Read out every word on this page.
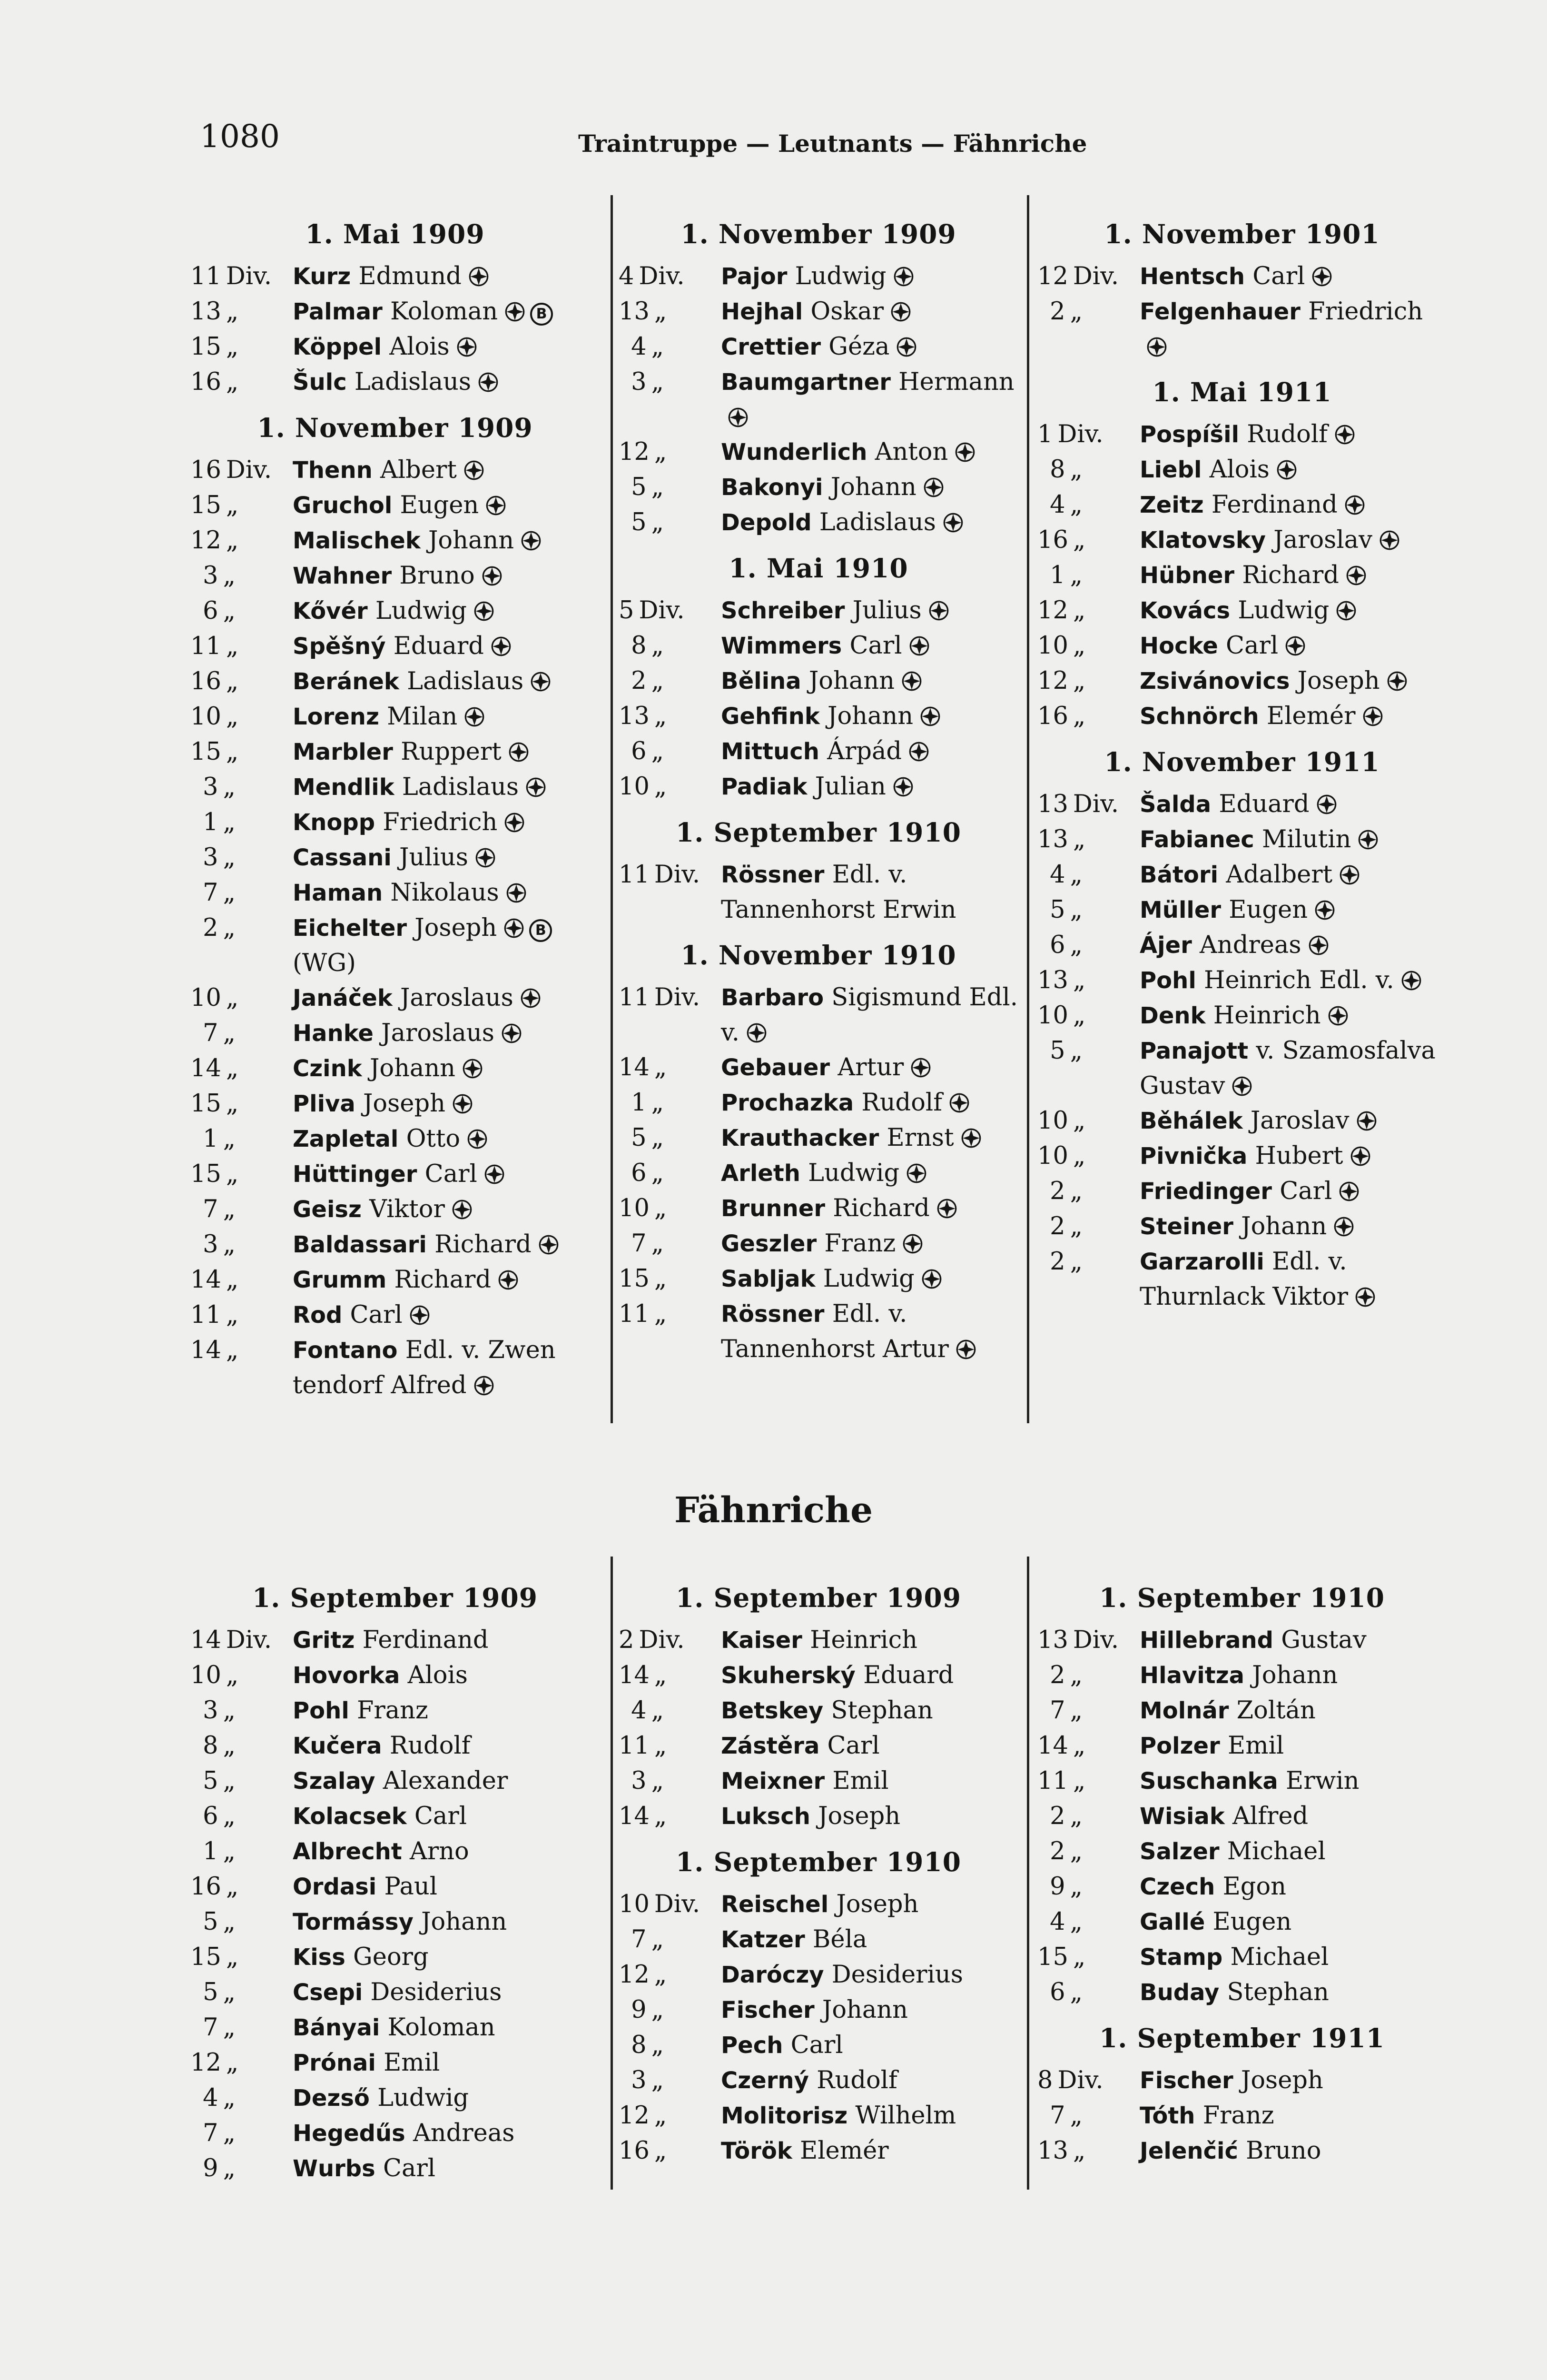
1080	Traintruppe — Leutnants — Fähnriche
1. Mai 1909
11 Div. Kurz Edmund
13 „ Palmar Koloman	B
15 „ Köppel Alois
16 „ Šulc Ladislaus
1. November 1909
16 Div. Thenn Albert
15 „ Gruchol Eugen
12 „ Malischek Johann
3 „	Wahner Bruno
6 „	Kővér Ludwig
11 „ Spěšný Eduard
16 „ Beránek Ladislaus
10 „ Lorenz Milan
15 „ Marbler Ruppert
3 „	Mendlik Ladislaus
1 „	Knopp Friedrich
3 „	Cassani Julius
7 „	Haman Nikolaus
2 „	Eichelter Joseph	B
(WG)
10 „ Janáček Jaroslaus
7 „	Hanke Jaroslaus
14 „ Czink Johann
15 „ Pliva Joseph
1 „	Zapletal Otto
15 „ Hüttinger Carl
7 „	Geisz Viktor
3 „	Baldassari Richard
14 „ Grumm Richard
11 „ Rod Carl
14 „ Fontano Edl. v. Zwen tendorf Alfred
1. November 1909
4 Div. Pajor Ludwig
13 „ Hejhal Oskar
4 „	Crettier Géza
3 „	Baumgartner Hermann
12 „ Wunderlich Anton
5 „	Bakonyi Johann
5 „	Depold Ladislaus
1. Mai 1910
5 Div. Schreiber Julius
8 „	Wimmers Carl
2 „	Bělina Johann
13 „ Gehfink Johann
6 „	Mittuch Árpád
10 „ Padiak Julian
1. September 1910
11 Div. Rössner Edl. v. Tannenhorst Erwin
1. November 1910
11 Div. Barbaro Sigismund Edl. v.
14 „ Gebauer Artur
1 „	Prochazka Rudolf
5 „	Krauthacker Ernst
6 „	Arleth Ludwig
10 „ Brunner Richard
7 „	Geszler Franz
15 „ Sabljak Ludwig
11 „ Rössner Edl. v. Tannenhorst Artur
1. November 1901
12 Div. Hentsch Carl
2 „	Felgenhauer Friedrich
1. Mai 1911
1 Div. Pospíšil Rudolf
8 „	Liebl Alois
4 „	Zeitz Ferdinand
16 „ Klatovsky Jaroslav
1 „	Hübner Richard
12 „ Kovács Ludwig
10 „ Hocke Carl
12 „ Zsivánovics Joseph
16 „ Schnörch Elemér
1. November 1911
13 Div. Šalda Eduard
13 „ Fabianec Milutin
4 „	Bátori Adalbert
5 „	Müller Eugen
6 „	Ájer Andreas
13 „ Pohl Heinrich Edl. v.
10 „ Denk Heinrich
5 „	Panajott v. Szamosfalva Gustav
10 „ Běhálek Jaroslav
10 „ Pivnička Hubert
2 „	Friedinger Carl
2 „	Steiner Johann
2 „	Garzarolli Edl. v. Thurnlack Viktor
Fähnriche
1. September 1909
14 Div. Gritz Ferdinand
10 „ Hovorka Alois
3 „	Pohl Franz
8 „	Kučera Rudolf
5 „	Szalay Alexander
6 „	Kolacsek Carl
1 „	Albrecht Arno
16 „ Ordasi Paul
5 „	Tormássy Johann
15 „ Kiss Georg
5 „	Csepi Desiderius
7 „	Bányai Koloman
12 „ Prónai Emil
4 „	Dezső Ludwig
7 „	Hegedűs Andreas
9 „	Wurbs Carl
1. September 1909
2 Div. Kaiser Heinrich
14 „ Skuherský Eduard
4 „	Betskey Stephan
11 „ Zástěra Carl
3 „	Meixner Emil
14 „ Luksch Joseph
1. September 1910
10 Div. Reischel Joseph
7 „	Katzer Béla
12 „ Daróczy Desiderius
9 „	Fischer Johann
8 „	Pech Carl
3 „	Czerný Rudolf
12 „ Molitorisz Wilhelm
16 „ Török Elemér
1. September 1910
13 Div. Hillebrand Gustav
2 „	Hlavitza Johann
7 „	Molnár Zoltán
14 „ Polzer Emil
11 „ Suschanka Erwin
2 „	Wisiak Alfred
2 „	Salzer Michael
9 „	Czech Egon
4 „	Gallé Eugen
15 „ Stamp Michael
6 „	Buday Stephan
1. September 1911
8 Div. Fischer Joseph
7 „	Tóth Franz
13 „ Jelenčić Bruno
